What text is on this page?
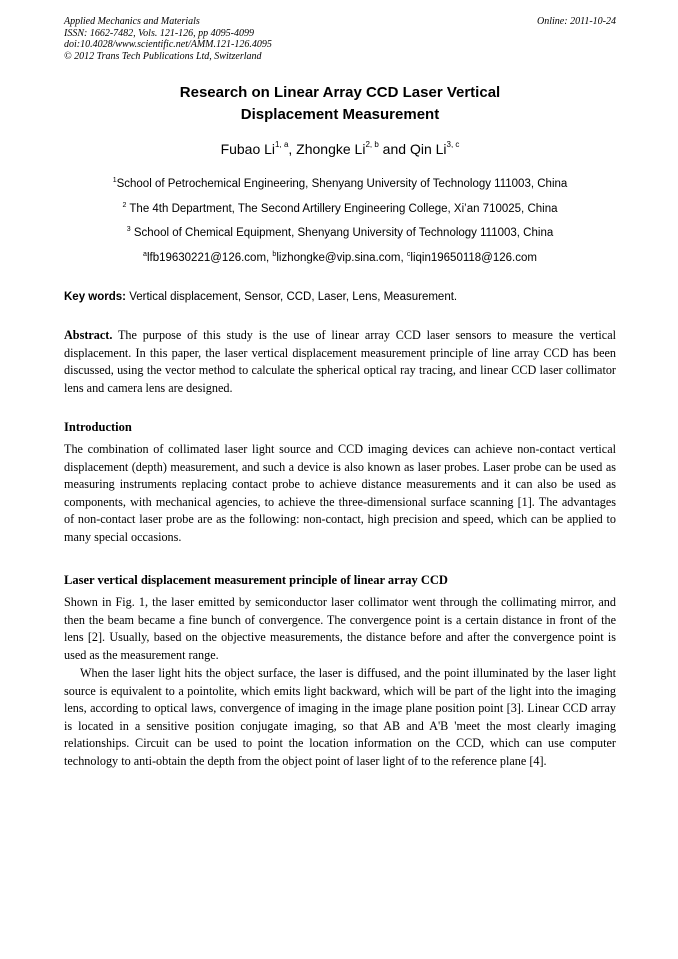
Applied Mechanics and Materials
ISSN: 1662-7482, Vols. 121-126, pp 4095-4099
doi:10.4028/www.scientific.net/AMM.121-126.4095
© 2012 Trans Tech Publications Ltd, Switzerland
Online: 2011-10-24
Research on Linear Array CCD Laser Vertical
Displacement Measurement
Fubao Li$^{1, a}$, Zhongke Li$^{2, b}$ and Qin Li$^{3, c}$
$^1$School of Petrochemical Engineering, Shenyang University of Technology 111003, China
$^2$ The 4th Department, The Second Artillery Engineering College, Xi’an 710025, China
$^3$ School of Chemical Equipment, Shenyang University of Technology 111003, China
$^a$lfb19630221@126.com, $^b$lizhongke@vip.sina.com, $^c$liqin19650118@126.com
Key words: Vertical displacement, Sensor, CCD, Laser, Lens, Measurement.
Abstract. The purpose of this study is the use of linear array CCD laser sensors to measure the vertical displacement. In this paper, the laser vertical displacement measurement principle of line array CCD has been discussed, using the vector method to calculate the spherical optical ray tracing, and linear CCD laser collimator lens and camera lens are designed.
Introduction
The combination of collimated laser light source and CCD imaging devices can achieve non-contact vertical displacement (depth) measurement, and such a device is also known as laser probes. Laser probe can be used as measuring instruments replacing contact probe to achieve distance measurements and it can also be used as components, with mechanical agencies, to achieve the three-dimensional surface scanning [1]. The advantages of non-contact laser probe are as the following: non-contact, high precision and speed, which can be applied to many special occasions.
Laser vertical displacement measurement principle of linear array CCD
Shown in Fig. 1, the laser emitted by semiconductor laser collimator went through the collimating mirror, and then the beam became a fine bunch of convergence. The convergence point is a certain distance in front of the lens [2]. Usually, based on the objective measurements, the distance before and after the convergence point is used as the measurement range.
When the laser light hits the object surface, the laser is diffused, and the point illuminated by the laser light source is equivalent to a pointolite, which emits light backward, which will be part of the light into the imaging lens, according to optical laws, convergence of imaging in the image plane position point [3]. Linear CCD array is located in a sensitive position conjugate imaging, so that AB and A'B 'meet the most clearly imaging relationships. Circuit can be used to point the location information on the CCD, which can use computer technology to anti-obtain the depth from the object point of laser light of to the reference plane [4].
